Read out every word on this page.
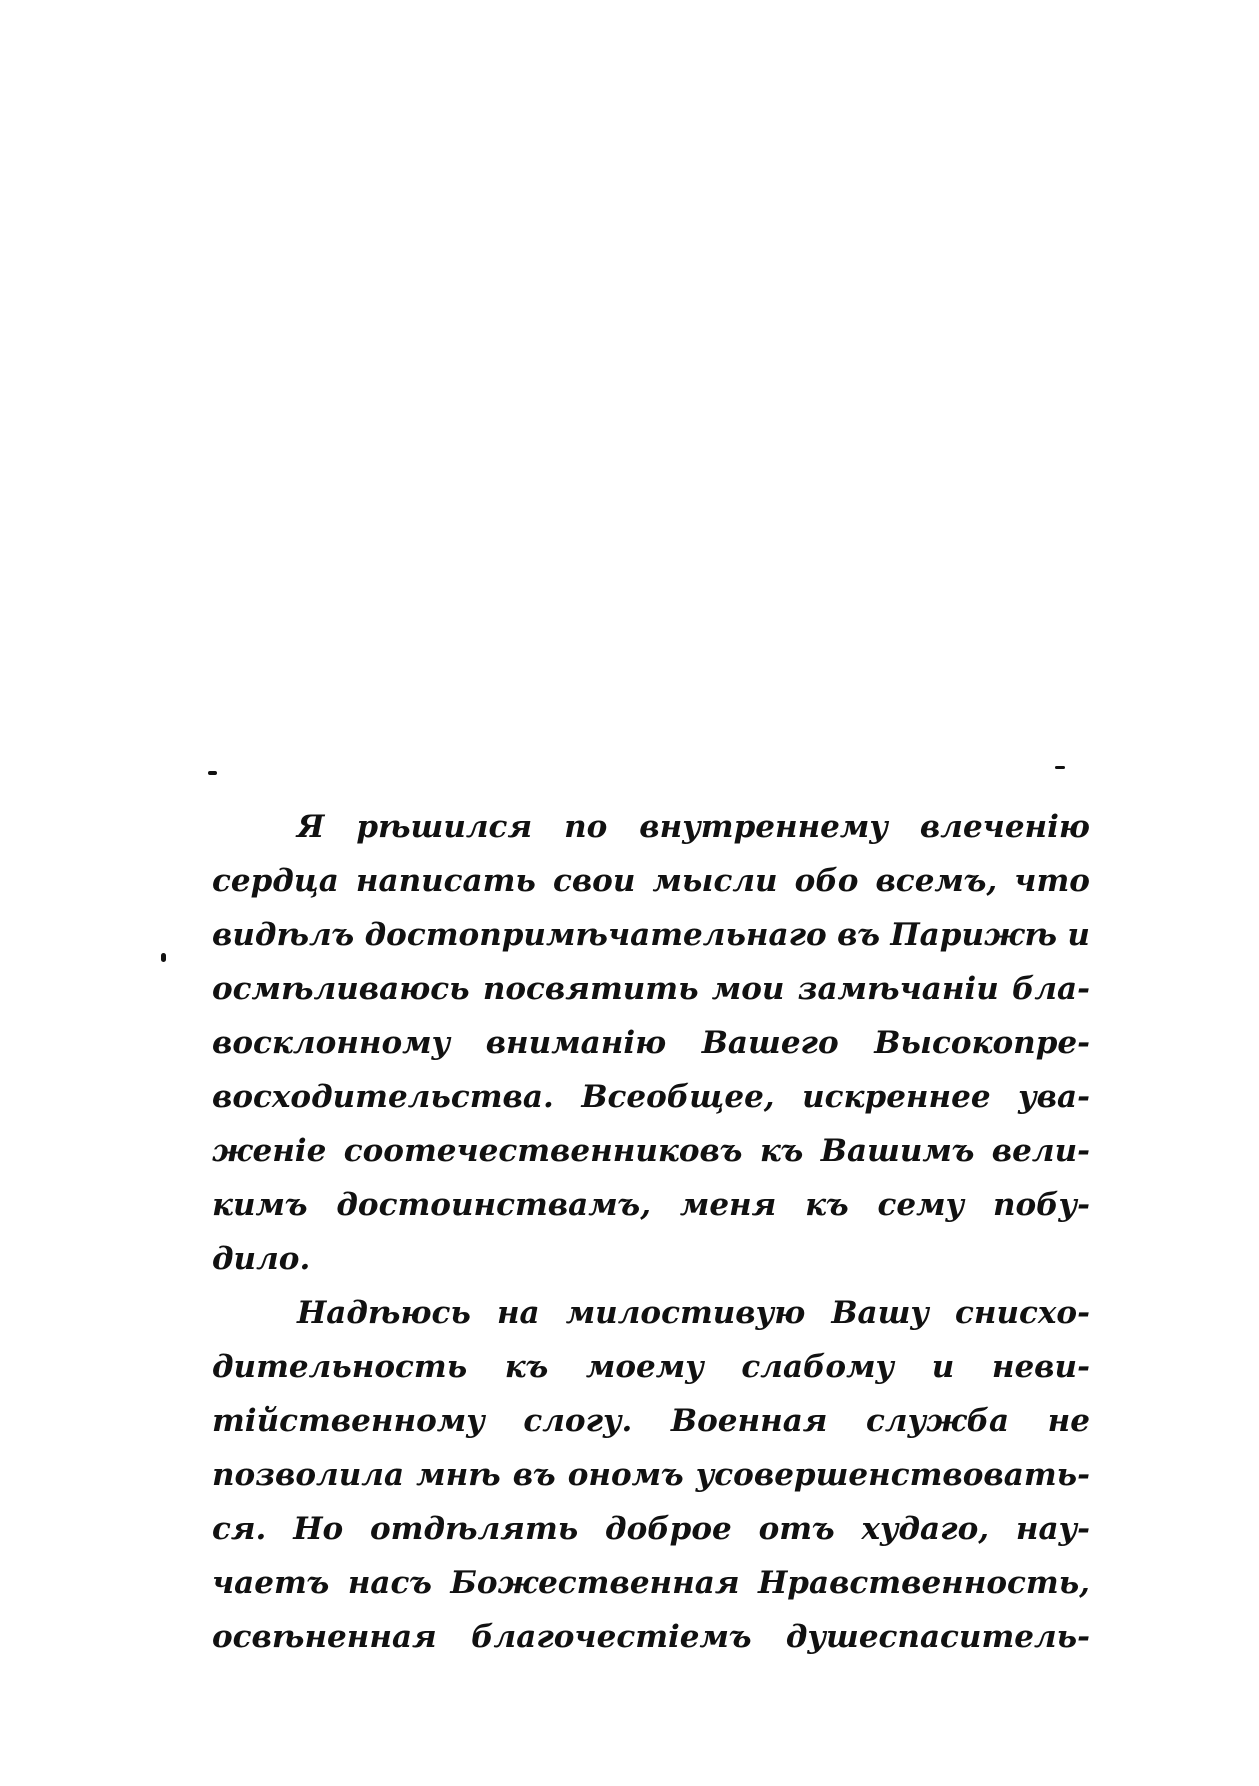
Я рѣшился по внутреннему влеченію
сердца написать свои мысли обо всемъ, что
видѣлъ достопримѣчательнаго въ Парижѣ и
осмѣливаюсь посвятить мои замѣчаніи бла-
восклонному вниманію Вашего Высокопре-
восходительства. Всеобщее, искреннее ува-
женіе соотечественниковъ къ Вашимъ вели-
кимъ достоинствамъ, меня къ сему побу-
дило.
Надѣюсь на милостивую Вашу снисхо-
дительность къ моему слабому и неви-
тійственному слогу. Военная служба не
позволила мнѣ въ ономъ усовершенствовать-
ся. Но отдѣлять доброе отъ худаго, нау-
чаетъ насъ Божественная Нравственность,
освѣненная благочестіемъ душеспаситель-
